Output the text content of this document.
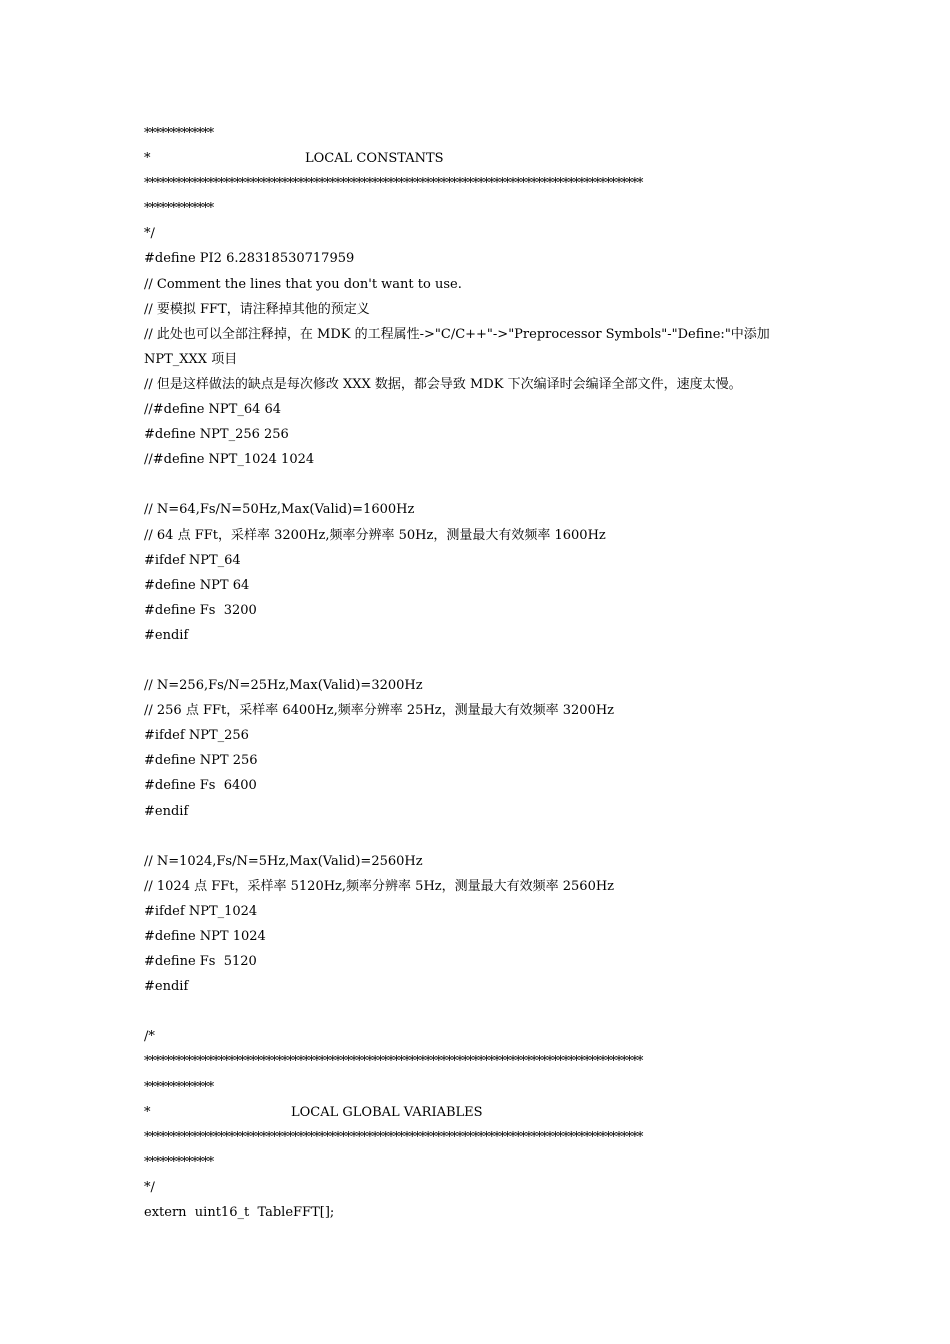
*************
*	LOCAL CONSTANTS
**********************************************************************************************
*************
*/
#define PI2 6.28318530717959
// Comment the lines that you don't want to use.
// 要模拟 FFT，请注释掉其他的预定义
// 此处也可以全部注释掉，在 MDK 的工程属性->"C/C++"->"Preprocessor Symbols"-"Define:"中添加
NPT_XXX 项目
// 但是这样做法的缺点是每次修改 XXX 数据，都会导致 MDK 下次编译时会编译全部文件，速度太慢。
//#define NPT_64 64
#define NPT_256 256
//#define NPT_1024 1024
// N=64,Fs/N=50Hz,Max(Valid)=1600Hz
// 64 点 FFt，采样率 3200Hz,频率分辨率 50Hz，测量最大有效频率 1600Hz
#ifdef NPT_64
#define NPT 64
#define Fs  3200
#endif
// N=256,Fs/N=25Hz,Max(Valid)=3200Hz
// 256 点 FFt，采样率 6400Hz,频率分辨率 25Hz，测量最大有效频率 3200Hz
#ifdef NPT_256
#define NPT 256
#define Fs  6400
#endif
// N=1024,Fs/N=5Hz,Max(Valid)=2560Hz
// 1024 点 FFt，采样率 5120Hz,频率分辨率 5Hz，测量最大有效频率 2560Hz
#ifdef NPT_1024
#define NPT 1024
#define Fs  5120
#endif
/*
**********************************************************************************************
*************
*	LOCAL GLOBAL VARIABLES
**********************************************************************************************
*************
*/
extern  uint16_t  TableFFT[];
